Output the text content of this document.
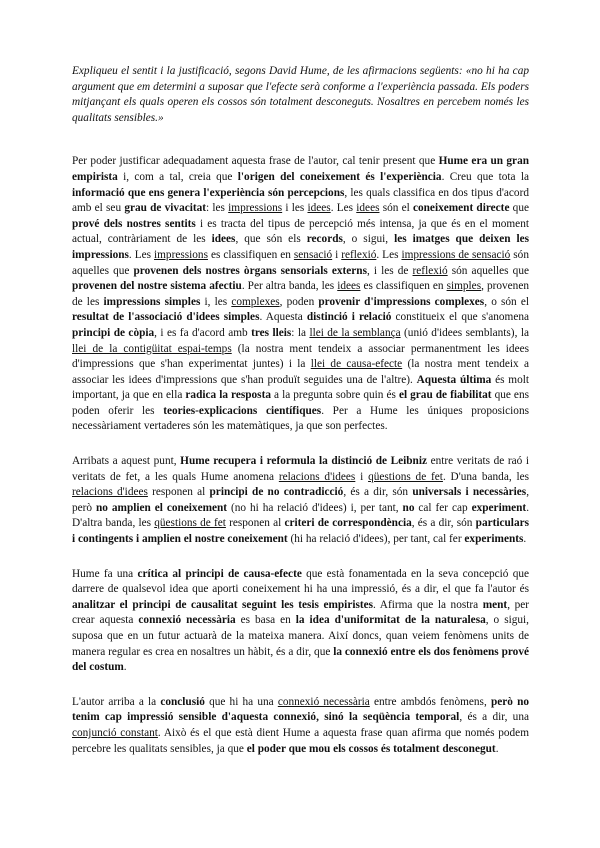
Expliqueu el sentit i la justificació, segons David Hume, de les afirmacions següents: «no hi ha cap argument que em determini a suposar que l'efecte serà conforme a l'experiència passada. Els poders mitjançant els quals operen els cossos són totalment desconeguts. Nosaltres en percebem només les qualitats sensibles.»

Per poder justificar adequadament aquesta frase de l'autor, cal tenir present que Hume era un gran empirista i, com a tal, creia que l'origen del coneixement és l'experiència. Creu que tota la informació que ens genera l'experiència són percepcions, les quals classifica en dos tipus d'acord amb el seu grau de vivacitat: les impressions i les idees. Les idees són el coneixement directe que prové dels nostres sentits i es tracta del tipus de percepció més intensa, ja que és en el moment actual, contràriament de les idees, que són els records, o sigui, les imatges que deixen les impressions. Les impressions es classifiquen en sensació i reflexió. Les impressions de sensació són aquelles que provenen dels nostres òrgans sensorials externs, i les de reflexió són aquelles que provenen del nostre sistema afectiu. Per altra banda, les idees es classifiquen en simples, provenen de les impressions simples i, les complexes, poden provenir d'impressions complexes, o són el resultat de l'associació d'idees simples. Aquesta distinció i relació constitueix el que s'anomena principi de còpia, i es fa d'acord amb tres lleis: la llei de la semblança (unió d'idees semblants), la llei de la contigüitat espai-temps (la nostra ment tendeix a associar permanentment les idees d'impressions que s'han experimentat juntes) i la llei de causa-efecte (la nostra ment tendeix a associar les idees d'impressions que s'han produït seguides una de l'altre). Aquesta última és molt important, ja que en ella radica la resposta a la pregunta sobre quin és el grau de fiabilitat que ens poden oferir les teories-explicacions científiques. Per a Hume les úniques proposicions necessàriament vertaderes són les matemàtiques, ja que son perfectes.

Arribats a aquest punt, Hume recupera i reformula la distinció de Leibniz entre veritats de raó i veritats de fet, a les quals Hume anomena relacions d'idees i qüestions de fet. D'una banda, les relacions d'idees responen al principi de no contradicció, és a dir, són universals i necessàries, però no amplien el coneixement (no hi ha relació d'idees) i, per tant, no cal fer cap experiment. D'altra banda, les qüestions de fet responen al criteri de correspondència, és a dir, són particulars i contingents i amplien el nostre coneixement (hi ha relació d'idees), per tant, cal fer experiments.

Hume fa una crítica al principi de causa-efecte que està fonamentada en la seva concepció que darrere de qualsevol idea que aporti coneixement hi ha una impressió, és a dir, el que fa l'autor és analitzar el principi de causalitat seguint les tesis empiristes. Afirma que la nostra ment, per crear aquesta connexió necessària es basa en la idea d'uniformitat de la naturalesa, o sigui, suposa que en un futur actuarà de la mateixa manera. Així doncs, quan veiem fenòmens units de manera regular es crea en nosaltres un hàbit, és a dir, que la connexió entre els dos fenòmens prové del costum.

L'autor arriba a la conclusió que hi ha una connexió necessària entre ambdós fenòmens, però no tenim cap impressió sensible d'aquesta connexió, sinó la seqüència temporal, és a dir, una conjunció constant. Això és el que està dient Hume a aquesta frase quan afirma que només podem percebre les qualitats sensibles, ja que el poder que mou els cossos és totalment desconegut.
